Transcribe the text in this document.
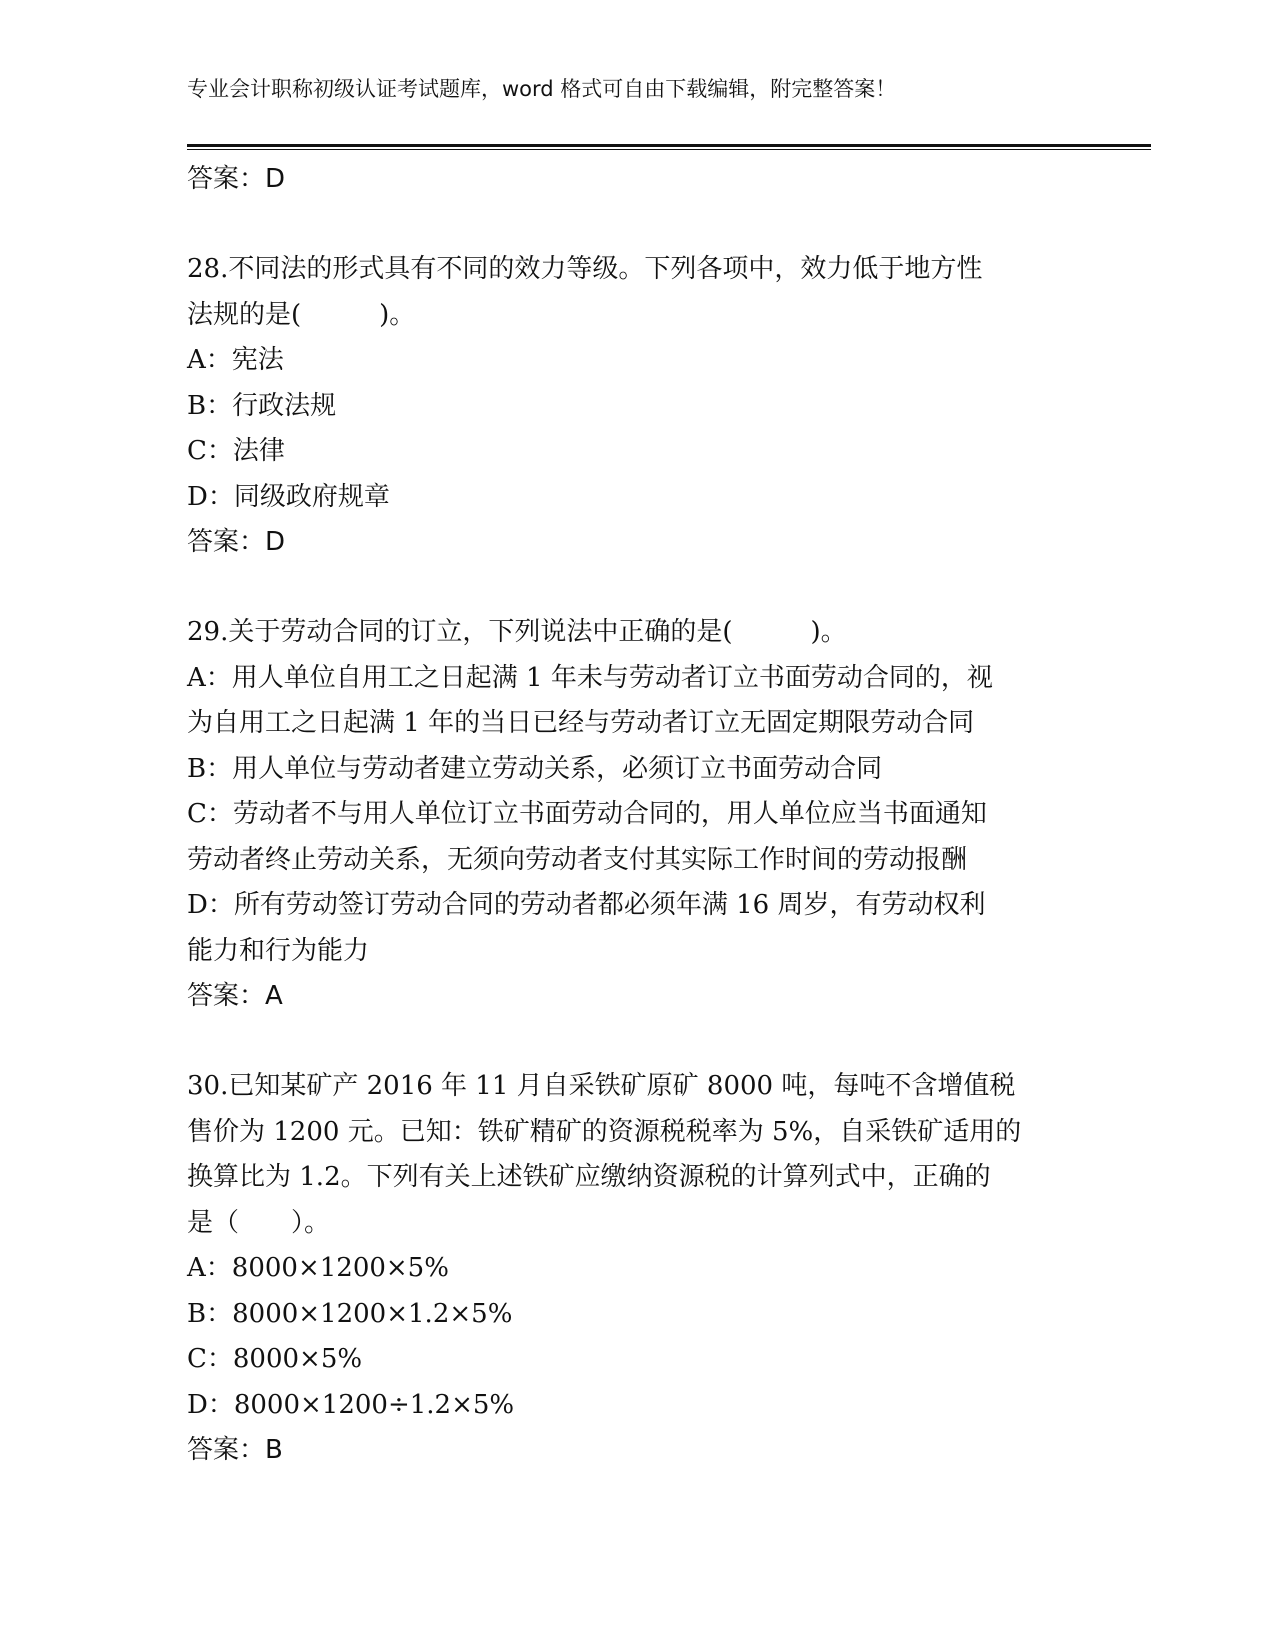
专业会计职称初级认证考试题库，word 格式可自由下载编辑，附完整答案！
答案：D
28.不同法的形式具有不同的效力等级。下列各项中，效力低于地方性
法规的是(　　　)。
A：宪法
B：行政法规
C：法律
D：同级政府规章
答案：D
29.关于劳动合同的订立，下列说法中正确的是(　　　)。
A：用人单位自用工之日起满 1 年未与劳动者订立书面劳动合同的，视
为自用工之日起满 1 年的当日已经与劳动者订立无固定期限劳动合同
B：用人单位与劳动者建立劳动关系，必须订立书面劳动合同
C：劳动者不与用人单位订立书面劳动合同的，用人单位应当书面通知
劳动者终止劳动关系，无须向劳动者支付其实际工作时间的劳动报酬
D：所有劳动签订劳动合同的劳动者都必须年满 16 周岁，有劳动权利
能力和行为能力
答案：A
30.已知某矿产 2016 年 11 月自采铁矿原矿 8000 吨，每吨不含增值税
售价为 1200 元。已知：铁矿精矿的资源税税率为 5%，自采铁矿适用的
换算比为 1.2。下列有关上述铁矿应缴纳资源税的计算列式中，正确的
是（　　）。
A：8000×1200×5%
B：8000×1200×1.2×5%
C：8000×5%
D：8000×1200÷1.2×5%
答案：B
